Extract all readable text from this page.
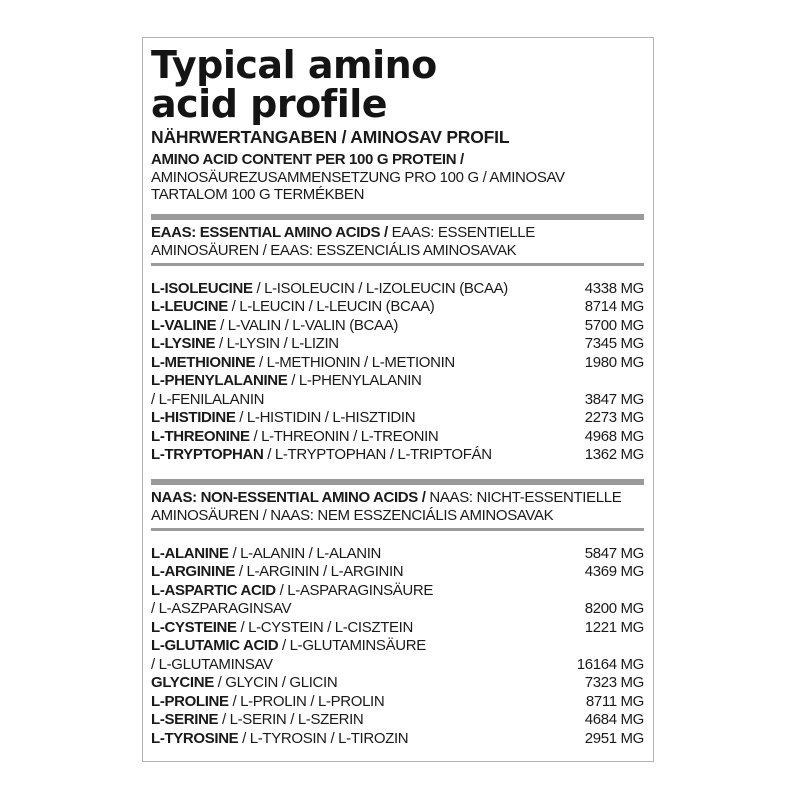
Typical amino
acid profile
NÄHRWERTANGABEN / AMINOSAV PROFIL
AMINO ACID CONTENT PER 100 G PROTEIN /
AMINOSÄUREZUSAMMENSETZUNG PRO 100 G / AMINOSAV
TARTALOM 100 G TERMÉKBEN
EAAS: ESSENTIAL AMINO ACIDS / EAAS: ESSENTIELLE
AMINOSÄUREN / EAAS: ESSZENCIÁLIS AMINOSAVAK
L-ISOLEUCINE / L-ISOLEUCIN / L-IZOLEUCIN (BCAA)	4338 MG
L-LEUCINE / L-LEUCIN / L-LEUCIN (BCAA)	8714 MG
L-VALINE / L-VALIN / L-VALIN (BCAA)	5700 MG
L-LYSINE / L-LYSIN / L-LIZIN	7345 MG
L-METHIONINE / L-METHIONIN / L-METIONIN	1980 MG
L-PHENYLALANINE / L-PHENYLALANIN
/ L-FENILALANIN	3847 MG
L-HISTIDINE / L-HISTIDIN / L-HISZTIDIN	2273 MG
L-THREONINE / L-THREONIN / L-TREONIN	4968 MG
L-TRYPTOPHAN / L-TRYPTOPHAN / L-TRIPTOFÁN	1362 MG
NAAS: NON-ESSENTIAL AMINO ACIDS / NAAS: NICHT-ESSENTIELLE
AMINOSÄUREN / NAAS: NEM ESSZENCIÁLIS AMINOSAVAK
L-ALANINE / L-ALANIN / L-ALANIN	5847 MG
L-ARGININE / L-ARGININ / L-ARGININ	4369 MG
L-ASPARTIC ACID / L-ASPARAGINSÄURE
/ L-ASZPARAGINSAV	8200 MG
L-CYSTEINE / L-CYSTEIN / L-CISZTEIN	1221 MG
L-GLUTAMIC ACID / L-GLUTAMINSÄURE
/ L-GLUTAMINSAV	16164 MG
GLYCINE / GLYCIN / GLICIN	7323 MG
L-PROLINE / L-PROLIN / L-PROLIN	8711 MG
L-SERINE / L-SERIN / L-SZERIN	4684 MG
L-TYROSINE / L-TYROSIN / L-TIROZIN	2951 MG
